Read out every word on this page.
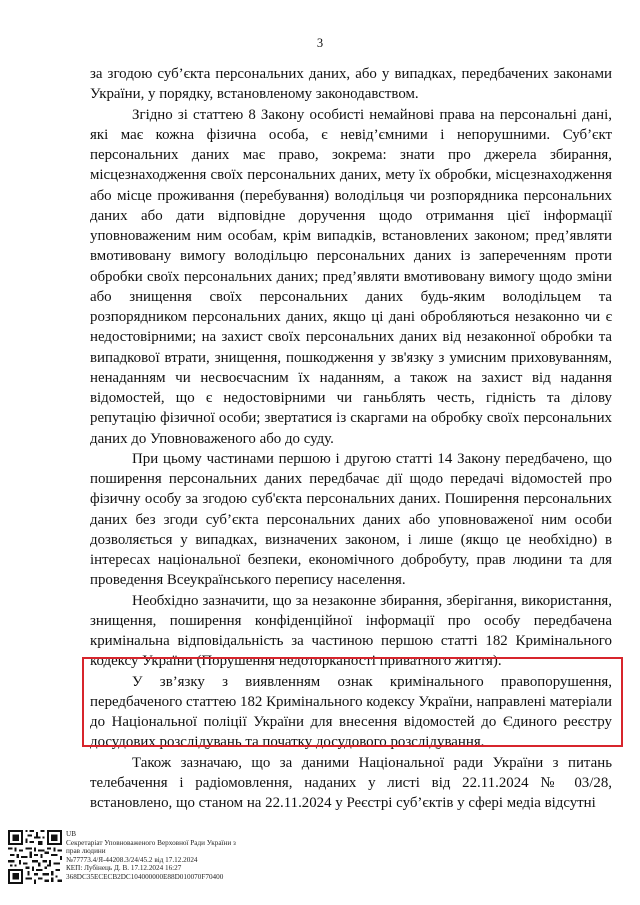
3

за згодою суб’єкта персональних даних, або у випадках, передбачених законами України, у порядку, встановленому законодавством.

Згідно зі статтею 8 Закону особисті немайнові права на персональні дані, які має кожна фізична особа, є невід’ємними і непорушними. Суб’єкт персональних даних має право, зокрема: знати про джерела збирання, місцезнаходження своїх персональних даних, мету їх обробки, місцезнаходження або місце проживання (перебування) володільця чи розпорядника персональних даних або дати відповідне доручення щодо отримання цієї інформації уповноваженим ним особам, крім випадків, встановлених законом; пред’являти вмотивовану вимогу володільцю персональних даних із запереченням проти обробки своїх персональних даних; пред’являти вмотивовану вимогу щодо зміни або знищення своїх персональних даних будь-яким володільцем та розпорядником персональних даних, якщо ці дані обробляються незаконно чи є недостовірними; на захист своїх персональних даних від незаконної обробки та випадкової втрати, знищення, пошкодження у зв'язку з умисним приховуванням, ненаданням чи несвоєчасним їх наданням, а також на захист від надання відомостей, що є недостовірними чи ганьблять честь, гідність та ділову репутацію фізичної особи; звертатися із скаргами на обробку своїх персональних даних до Уповноваженого або до суду.

При цьому частинами першою і другою статті 14 Закону передбачено, що поширення персональних даних передбачає дії щодо передачі відомостей про фізичну особу за згодою суб'єкта персональних даних. Поширення персональних даних без згоди суб’єкта персональних даних або уповноваженої ним особи дозволяється у випадках, визначених законом, і лише (якщо це необхідно) в інтересах національної безпеки, економічного добробуту, прав людини та для проведення Всеукраїнського перепису населення.

Необхідно зазначити, що за незаконне збирання, зберігання, використання, знищення, поширення конфіденційної інформації про особу передбачена кримінальна відповідальність за частиною першою статті 182 Кримінального кодексу України (Порушення недоторканості приватного життя).

У зв’язку з виявленням ознак кримінального правопорушення, передбаченого статтею 182 Кримінального кодексу України, направлені матеріали до Національної поліції України для внесення відомостей до Єдиного реєстру досудових розслідувань та початку досудового розслідування.

Також зазначаю, що за даними Національної ради України з питань телебачення і радіомовлення, наданих у листі від 22.11.2024 № 03/28, встановлено, що станом на 22.11.2024 у Реєстрі суб’єктів у сфері медіа відсутні

UB
Секретаріат Уповноваженого Верховної Ради України з
прав людини
№77773.4/Я-44208.3/24/45.2 від 17.12.2024
КЕП: Лубінець Д. В. 17.12.2024 16:27
368DC35ECECB2DC104000000E88D010070F70400
